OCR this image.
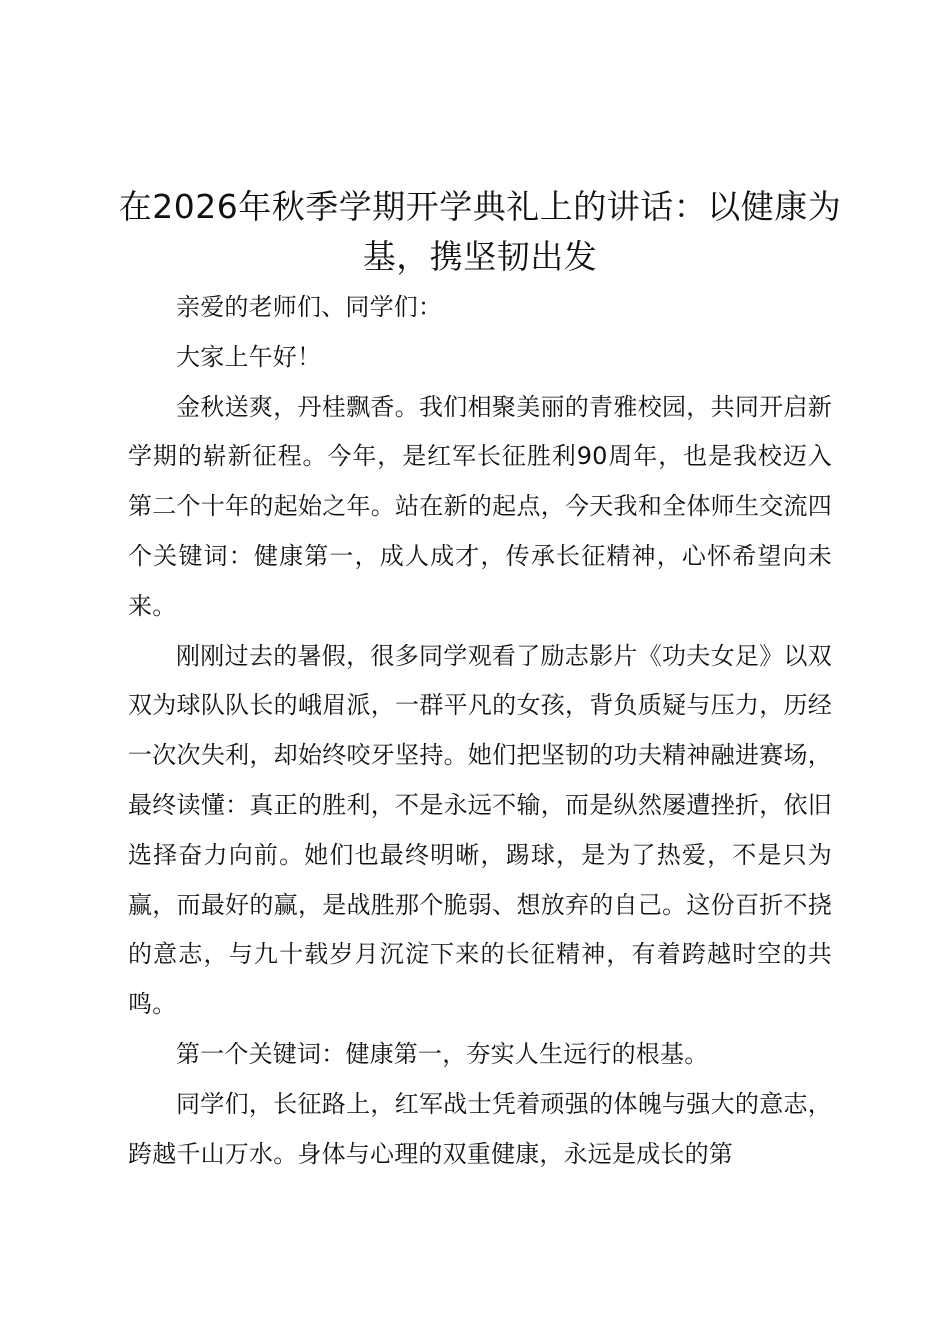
在2026年秋季学期开学典礼上的讲话：以健康为基，携坚韧出发

亲爱的老师们、同学们：

大家上午好！

金秋送爽，丹桂飘香。我们相聚美丽的青雅校园，共同开启新学期的崭新征程。今年，是红军长征胜利90周年，也是我校迈入第二个十年的起始之年。站在新的起点，今天我和全体师生交流四个关键词：健康第一，成人成才，传承长征精神，心怀希望向未来。

刚刚过去的暑假，很多同学观看了励志影片《功夫女足》以双双为球队队长的峨眉派，一群平凡的女孩，背负质疑与压力，历经一次次失利，却始终咬牙坚持。她们把坚韧的功夫精神融进赛场，最终读懂：真正的胜利，不是永远不输，而是纵然屡遭挫折，依旧选择奋力向前。她们也最终明晰，踢球，是为了热爱，不是只为赢，而最好的赢，是战胜那个脆弱、想放弃的自己。这份百折不挠的意志，与九十载岁月沉淀下来的长征精神，有着跨越时空的共鸣。

第一个关键词：健康第一，夯实人生远行的根基。

同学们，长征路上，红军战士凭着顽强的体魄与强大的意志，跨越千山万水。身体与心理的双重健康，永远是成长的第
